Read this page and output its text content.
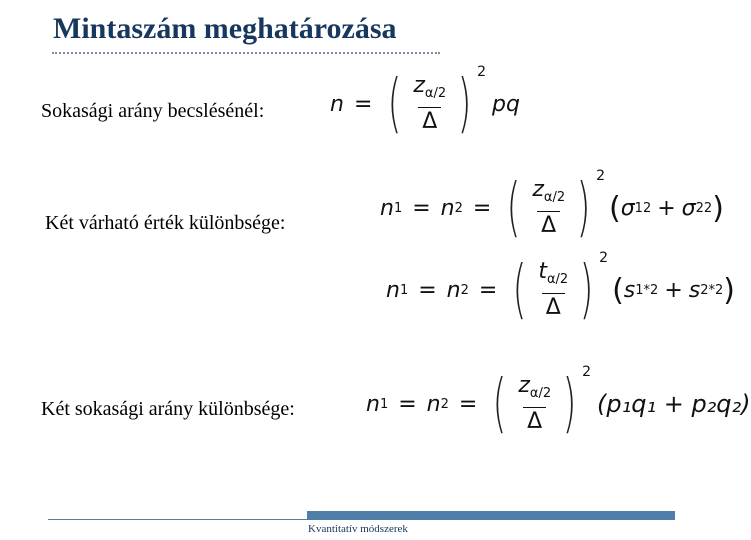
Mintaszám meghatározása
Sokasági arány becslésénél:	n = ( $\frac{z_{\alpha/2}}{\Delta}$ ) 2
pq
Két várható érték különbsége:
n 1 = n 2 = ( $\frac{z_{\alpha/2}}{\Delta}$ ) 2
( σ 1 2 + σ 2 2 )
n 1 = n 2 = ( $\frac{t_{\alpha/2}}{\Delta}$ ) 2
( s 1 *2 + s 2 *2 )
Két sokasági arány különbsége:	n 1 = n 2 = ( $\frac{z_{\alpha/2}}{\Delta}$ ) 2
(p₁q₁ + p₂q₂)
Kvantitatív módszerek
